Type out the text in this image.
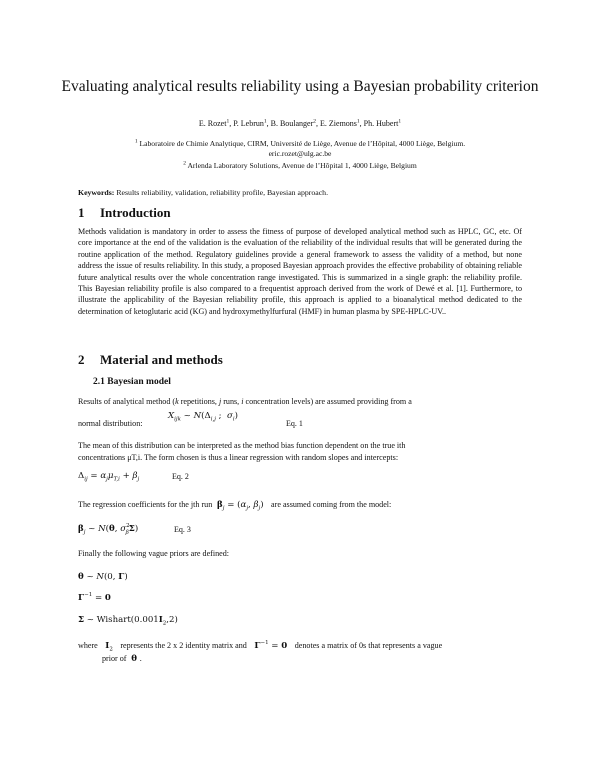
Evaluating analytical results reliability using a Bayesian probability criterion
E. Rozet$^1$, P. Lebrun$^1$, B. Boulanger$^2$, E. Ziemons$^1$, Ph. Hubert$^1$
$^1$ Laboratoire de Chimie Analytique, CIRM, Université de Liège, Avenue de l’Hôpital, 4000 Liège, Belgium.
eric.rozet@ulg.ac.be
$^2$ Arlenda Laboratory Solutions, Avenue de l’Hôpital 1, 4000 Liège, Belgium
Keywords: Results reliability, validation, reliability profile, Bayesian approach.
1 Introduction
Methods validation is mandatory in order to assess the fitness of purpose of developed analytical method such as HPLC, GC, etc. Of core importance at the end of the validation is the evaluation of the reliability of the individual results that will be generated during the routine application of the method. Regulatory guidelines provide a general framework to assess the validity of a method, but none address the issue of results reliability. In this study, a proposed Bayesian approach provides the effective probability of obtaining reliable future analytical results over the whole concentration range investigated. This is summarized in a single graph: the reliability profile. This Bayesian reliability profile is also compared to a frequentist approach derived from the work of Dewé et al. [1]. Furthermore, to illustrate the applicability of the Bayesian reliability profile, this approach is applied to a bioanalytical method dedicated to the determination of ketoglutaric acid (KG) and hydroxymethylfurfural (HMF) in human plasma by SPE-HPLC-UV..
2 Material and methods
2.1 Bayesian model
Results of analytical method (k repetitions, j runs, i concentration levels) are assumed providing from a
normal distribution:
$X_{ijk}$ ~ $N(\Delta_{i,j}$ ;  $\sigma_i$)
Eq. 1
The mean of this distribution can be interpreted as the method bias function dependent on the true ith
concentrations μT,i. The form chosen is thus a linear regression with random slopes and intercepts:
$\Delta_{ij} = \alpha_j\mu_{T,i} + \beta_j$	Eq. 2
The regression coefficients for the jth run $\beta_j = (\alpha_j$, $\beta_j$)   are assumed coming from the model:
$\beta_j$ ~ N(θ, $\sigma^2_\beta\Sigma$)	Eq. 3
Finally the following vague priors are defined:
θ ~ N(0, Γ)
$\Gamma^{-1} = 0$
Σ ~ $Wishart(0.001I_2,2)$
where $I_2$ represents the 2 x 2 identity matrix and $\Gamma^{-1} = 0$ denotes a matrix of 0s that represents a vague
prior of θ .
